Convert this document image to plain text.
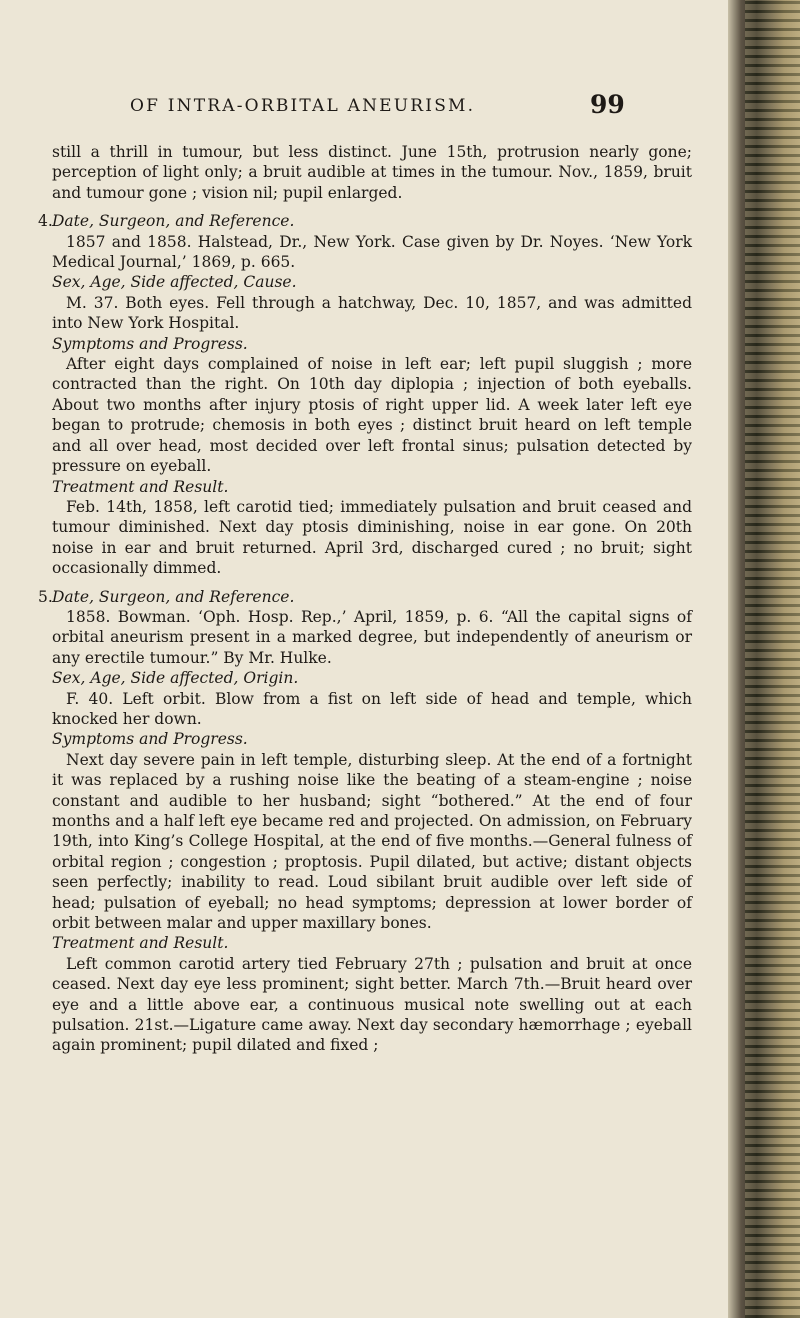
OF INTRA-ORBITAL ANEURISM.	99

still a thrill in tumour, but less distinct. June 15th, protrusion nearly gone; perception of light only; a bruit audible at times in the tumour. Nov., 1859, bruit and tumour gone ; vision nil; pupil enlarged.

4.Date, Surgeon, and Reference.

1857 and 1858. Halstead, Dr., New York. Case given by Dr. Noyes. ‘New York Medical Journal,’ 1869, p. 665.

Sex, Age, Side affected, Cause.

M. 37. Both eyes. Fell through a hatchway, Dec. 10, 1857, and was admitted into New York Hospital.

Symptoms and Progress.

After eight days complained of noise in left ear; left pupil sluggish ; more contracted than the right. On 10th day diplopia ; injection of both eyeballs. About two months after injury ptosis of right upper lid. A week later left eye began to protrude; chemosis in both eyes ; distinct bruit heard on left temple and all over head, most decided over left frontal sinus; pulsation detected by pressure on eyeball.

Treatment and Result.

Feb. 14th, 1858, left carotid tied; immediately pulsation and bruit ceased and tumour diminished. Next day ptosis diminishing, noise in ear gone. On 20th noise in ear and bruit returned. April 3rd, discharged cured ; no bruit; sight occasionally dimmed.

5.Date, Surgeon, and Reference.

1858. Bowman. ‘Oph. Hosp. Rep.,’ April, 1859, p. 6. “All the capital signs of orbital aneurism present in a marked degree, but independently of aneurism or any erectile tumour.” By Mr. Hulke.

Sex, Age, Side affected, Origin.

F. 40. Left orbit. Blow from a fist on left side of head and temple, which knocked her down.

Symptoms and Progress.

Next day severe pain in left temple, disturbing sleep. At the end of a fortnight it was replaced by a rushing noise like the beating of a steam-engine ; noise constant and audible to her husband; sight “bothered.” At the end of four months and a half left eye became red and projected. On admission, on February 19th, into King’s College Hospital, at the end of five months.—General fulness of orbital region ; congestion ; proptosis. Pupil dilated, but active; distant objects seen perfectly; inability to read. Loud sibilant bruit audible over left side of head; pulsation of eyeball; no head symptoms; depression at lower border of orbit between malar and upper maxillary bones.

Treatment and Result.

Left common carotid artery tied February 27th ; pulsation and bruit at once ceased. Next day eye less prominent; sight better. March 7th.—Bruit heard over eye and a little above ear, a continuous musical note swelling out at each pulsation. 21st.—Ligature came away. Next day secondary hæmorrhage ; eyeball again prominent; pupil dilated and fixed ;
